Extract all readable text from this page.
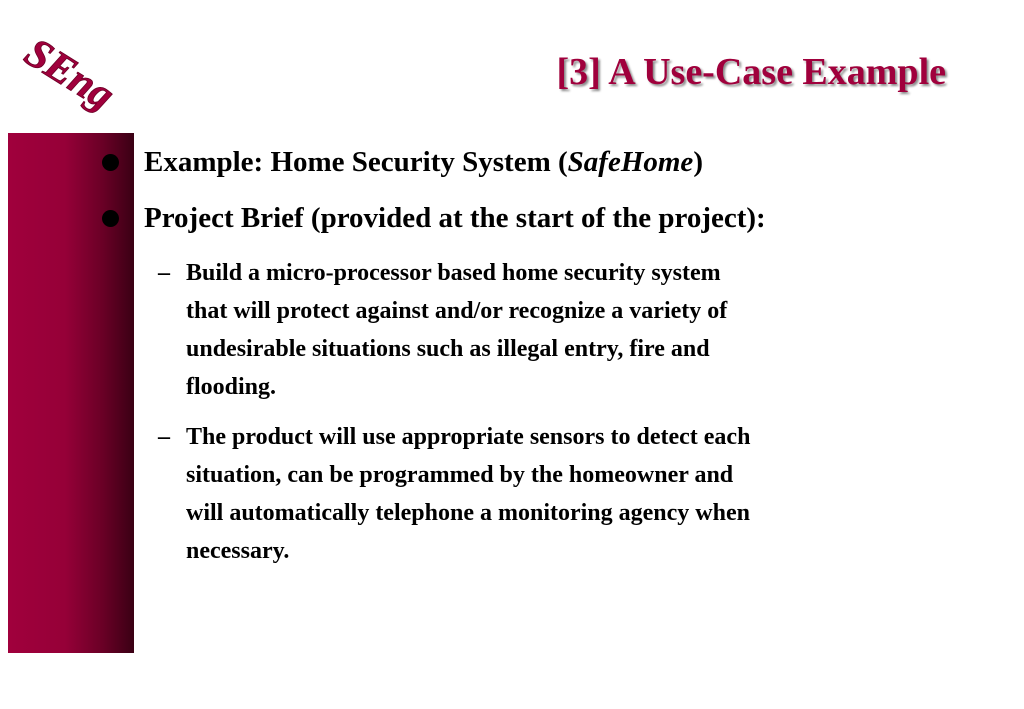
SEng	[3] A Use-Case Example
Example: Home Security System (SafeHome)
Project Brief (provided at the start of the project):
– Build a micro-processor based home security system
that will protect against and/or recognize a variety of
undesirable situations such as illegal entry, fire and
flooding.

– The product will use appropriate sensors to detect each
situation, can be programmed by the homeowner and
will automatically telephone a monitoring agency when
necessary.
